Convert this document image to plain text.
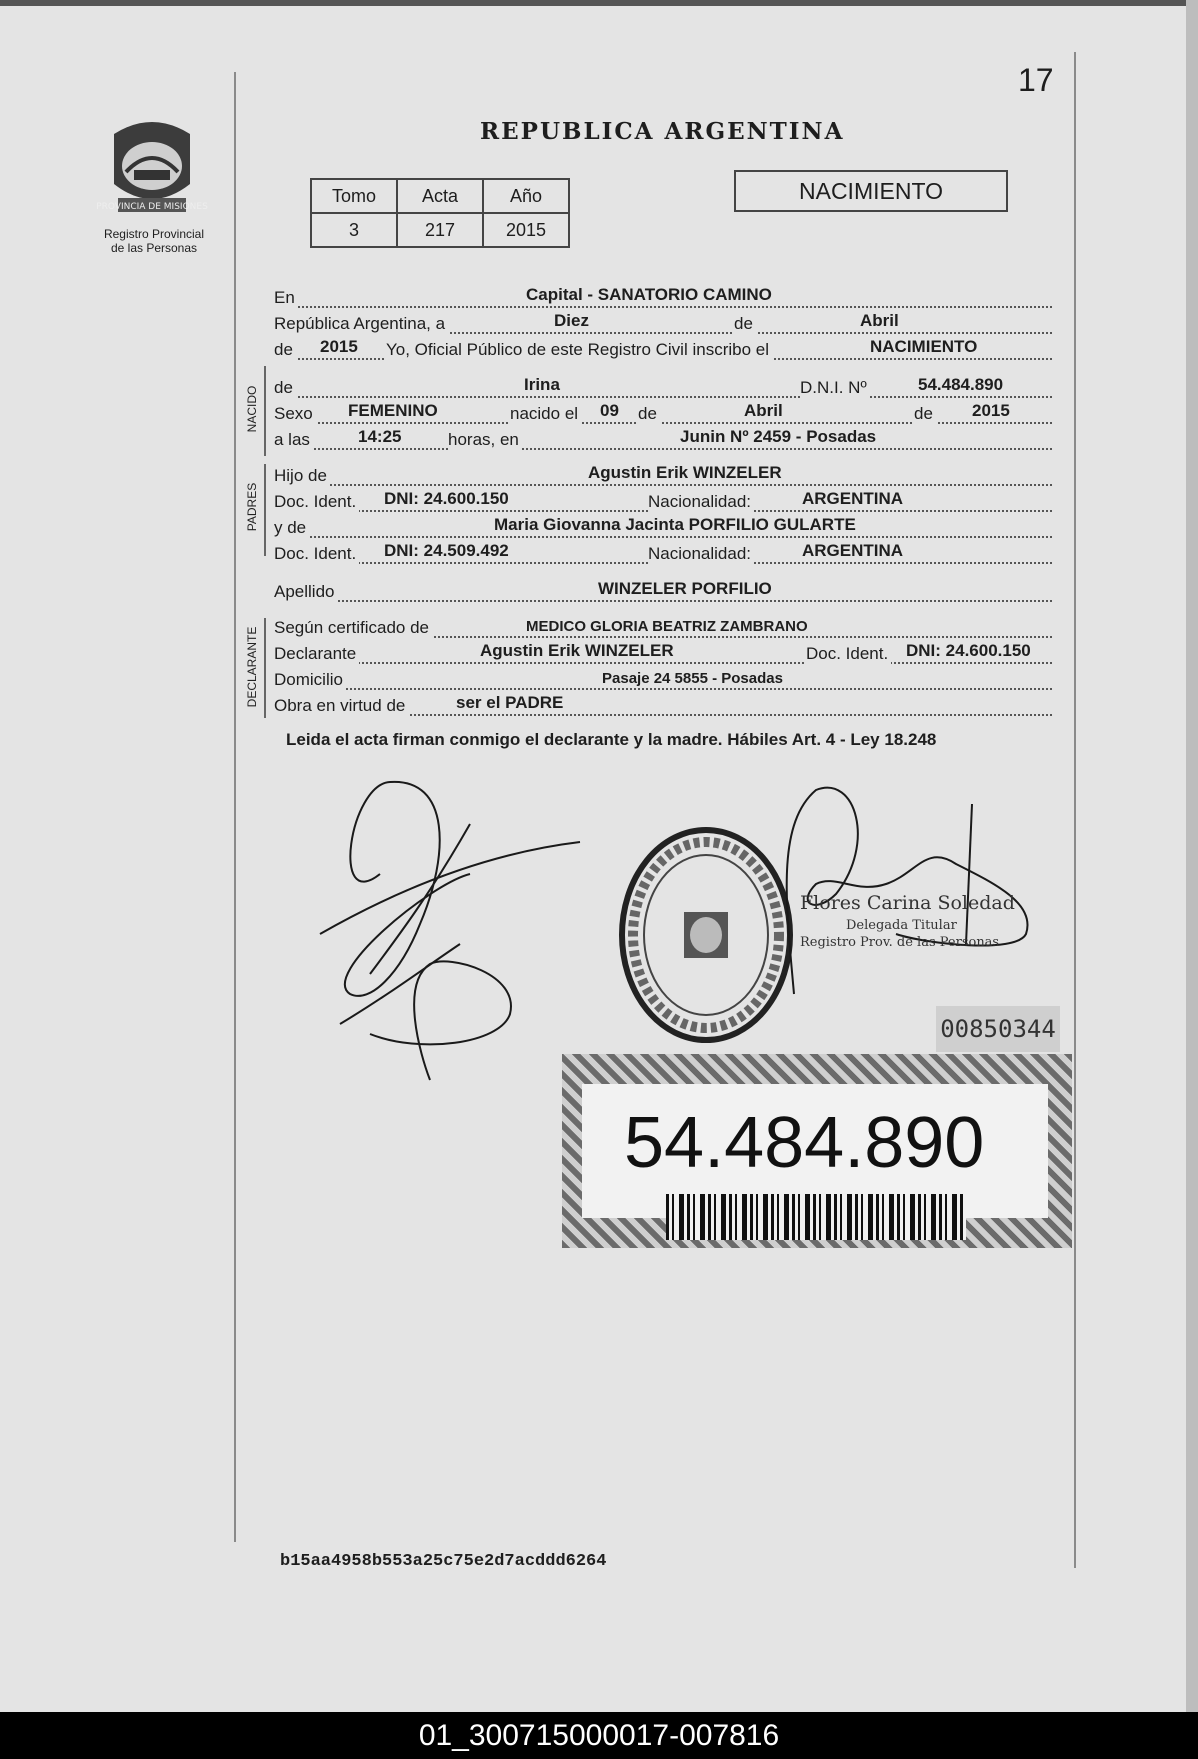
17
PROVINCIA DE MISIONES
Registro Provincial
de las Personas
REPUBLICA ARGENTINA
Tomo	Acta	Año
3	217	2015
NACIMIENTO
En	Capital - SANATORIO CAMINO
República Argentina, a	Diez	de	Abril
de 2015 Yo, Oficial Público de este Registro Civil inscribo el	NACIMIENTO
NACIDO de	Irina	D.N.I. Nº	54.484.890
Sexo FEMENINO	nacido el 09 de	Abril	de 2015
a las	14:25	horas, en	Junin Nº 2459 - Posadas
PADRES
Hijo de	Agustin Erik WINZELER
Doc. Ident. DNI: 24.600.150	Nacionalidad:	ARGENTINA
y de	Maria Giovanna Jacinta PORFILIO GULARTE
Doc. Ident. DNI: 24.509.492	Nacionalidad:	ARGENTINA
Apellido	WINZELER PORFILIO
DECLARANTE Según certificado de	MEDICO GLORIA BEATRIZ ZAMBRANO
Declarante	Agustin Erik WINZELER	Doc. Ident. DNI: 24.600.150
Domicilio	Pasaje 24 5855 - Posadas
Obra en virtud de	ser el PADRE
Leida el acta firman conmigo el declarante y la madre. Hábiles Art. 4 - Ley 18.248
Flores Carina Soledad
Delegada Titular
Registro Prov. de las Personas
00850344
54.484.890
b15aa4958b553a25c75e2d7acddd6264
01_300715000017-007816
